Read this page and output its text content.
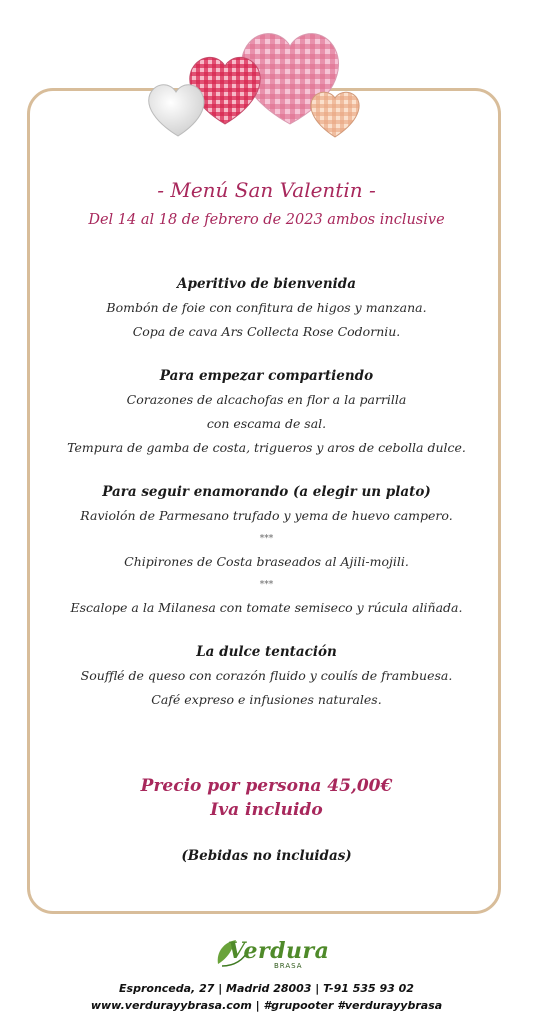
- Menú San Valentin -
Del 14 al 18 de febrero de 2023 ambos inclusive
Aperitivo de bienvenida
Bombón de foie con confitura de higos y manzana.
Copa de cava Ars Collecta Rose Codorniu.
Para empezar compartiendo
Corazones de alcachofas en flor a la parrilla
con escama de sal.
Tempura de gamba de costa, trigueros y aros de cebolla dulce.
Para seguir enamorando (a elegir un plato)
Raviolón de Parmesano trufado y yema de huevo campero.
***
Chipirones de Costa braseados al Ajili-mojili.
***
Escalope a la Milanesa con tomate semiseco y rúcula aliñada.
La dulce tentación
Soufflé de queso con corazón fluido y coulís de frambuesa.
Café expreso e infusiones naturales.
Precio por persona 45,00€
Iva incluido
(Bebidas no incluidas)
Verdura
BRASA
Espronceda, 27 | Madrid 28003 | T-91 535 93 02
www.verdurayybrasa.com | #grupooter #verdurayybrasa
